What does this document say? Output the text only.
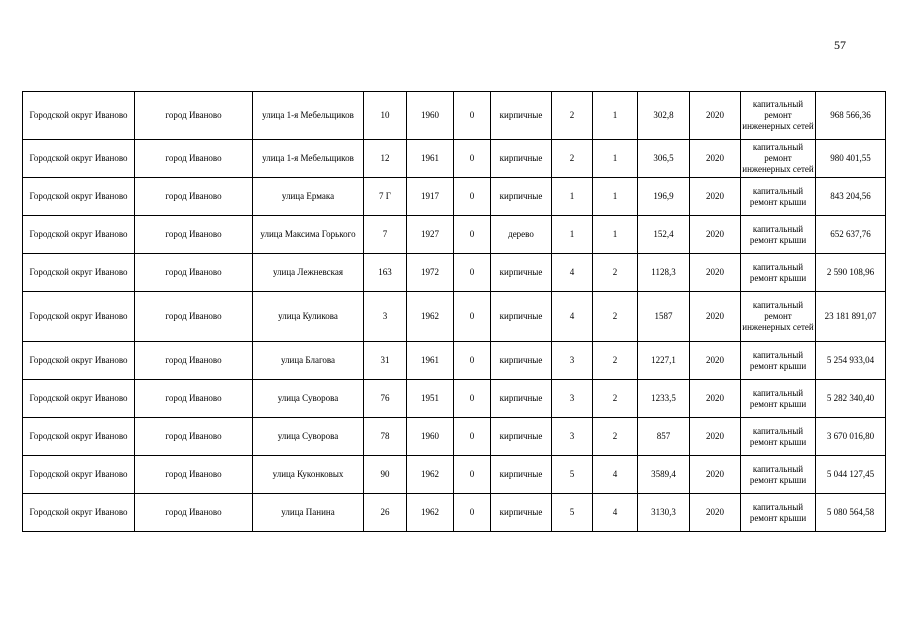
57
Городской округ Иваново	город Иваново	улица 1-я Мебельщиков	10	1960	0	кирпичные	2	1	302,8	2020	капитальный ремонт инженерных сетей	968 566,36
Городской округ Иваново	город Иваново	улица 1-я Мебельщиков	12	1961	0	кирпичные	2	1	306,5	2020	капитальный ремонт инженерных сетей	980 401,55
Городской округ Иваново	город Иваново	улица Ермака	7 Г	1917	0	кирпичные	1	1	196,9	2020	капитальный ремонт крыши	843 204,56
Городской округ Иваново	город Иваново	улица Максима Горького	7	1927	0	дерево	1	1	152,4	2020	капитальный ремонт крыши	652 637,76
Городской округ Иваново	город Иваново	улица Лежневская	163	1972	0	кирпичные	4	2	1128,3	2020	капитальный ремонт крыши	2 590 108,96
Городской округ Иваново	город Иваново	улица Куликова	3	1962	0	кирпичные	4	2	1587	2020	капитальный ремонт инженерных сетей	23 181 891,07
Городской округ Иваново	город Иваново	улица Благова	31	1961	0	кирпичные	3	2	1227,1	2020	капитальный ремонт крыши	5 254 933,04
Городской округ Иваново	город Иваново	улица Суворова	76	1951	0	кирпичные	3	2	1233,5	2020	капитальный ремонт крыши	5 282 340,40
Городской округ Иваново	город Иваново	улица Суворова	78	1960	0	кирпичные	3	2	857	2020	капитальный ремонт крыши	3 670 016,80
Городской округ Иваново	город Иваново	улица Куконковых	90	1962	0	кирпичные	5	4	3589,4	2020	капитальный ремонт крыши	5 044 127,45
Городской округ Иваново	город Иваново	улица Панина	26	1962	0	кирпичные	5	4	3130,3	2020	капитальный ремонт крыши	5 080 564,58
